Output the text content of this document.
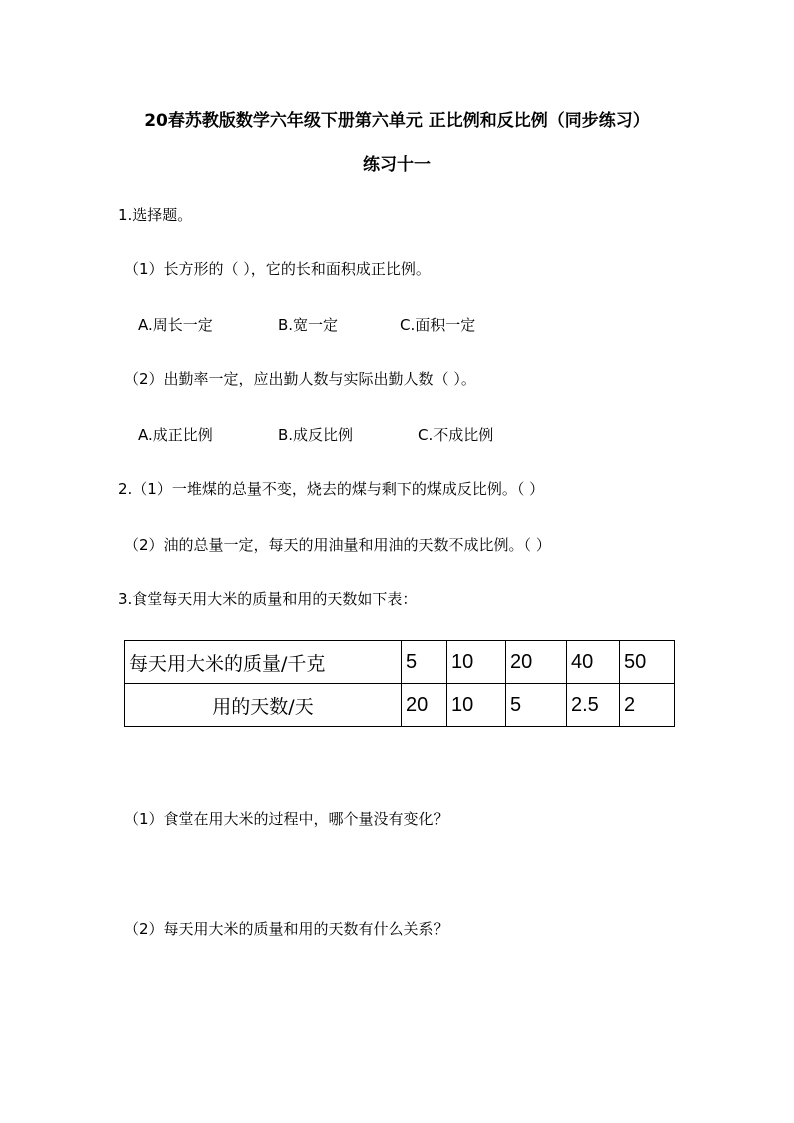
20春苏教版数学六年级下册第六单元 正比例和反比例（同步练习）
练习十一
1.选择题。
（1）长方形的（ ），它的长和面积成正比例。
A.周长一定	B.宽一定	C.面积一定
（2）出勤率一定，应出勤人数与实际出勤人数（ ）。
A.成正比例	B.成反比例	C.不成比例
2.（1）一堆煤的总量不变，烧去的煤与剩下的煤成反比例。（ ）
（2）油的总量一定，每天的用油量和用油的天数不成比例。（ ）
3.食堂每天用大米的质量和用的天数如下表：
每天用大米的质量/千克	5	10	20	40	50
用的天数/天	20	10	5	2.5	2
（1）食堂在用大米的过程中，哪个量没有变化？
（2）每天用大米的质量和用的天数有什么关系？
